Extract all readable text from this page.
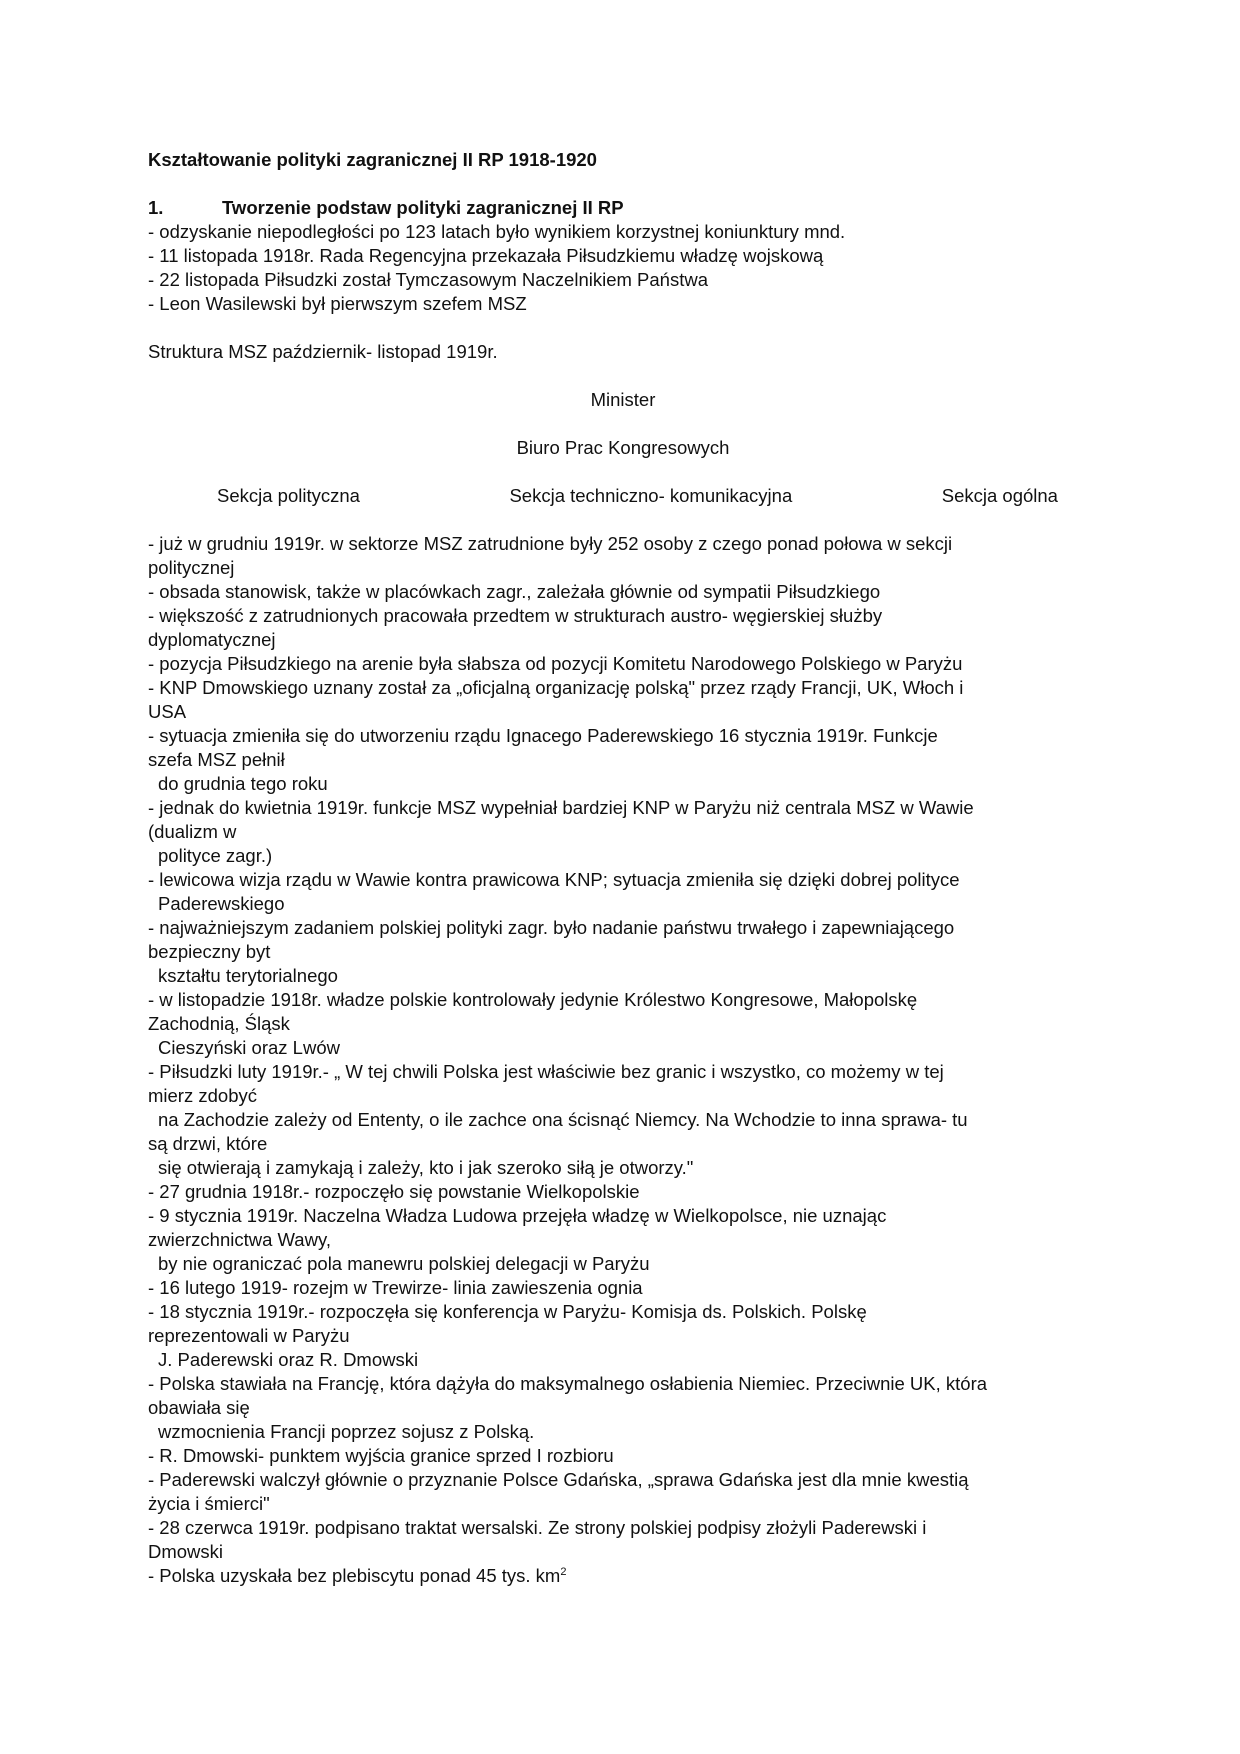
Kształtowanie polityki zagranicznej II RP 1918-1920

1.	Tworzenie podstaw polityki zagranicznej II RP

- odzyskanie niepodległości po 123 latach było wynikiem korzystnej koniunktury mnd.

- 11 listopada 1918r. Rada Regencyjna przekazała Piłsudzkiemu władzę wojskową

- 22 listopada Piłsudzki został Tymczasowym Naczelnikiem Państwa

- Leon Wasilewski był pierwszym szefem MSZ

Struktura MSZ październik- listopad 1919r.

Minister

Biuro Prac Kongresowych

Sekcja polityczna	Sekcja techniczno- komunikacyjna	Sekcja ogólna

- już w grudniu 1919r. w sektorze MSZ zatrudnione były 252 osoby z czego ponad połowa w sekcji

politycznej

- obsada stanowisk, także w placówkach zagr., zależała głównie od sympatii Piłsudzkiego

- większość z zatrudnionych pracowała przedtem w strukturach austro- węgierskiej służby

dyplomatycznej

- pozycja Piłsudzkiego na arenie była słabsza od pozycji Komitetu Narodowego Polskiego w Paryżu

- KNP Dmowskiego uznany został za „oficjalną organizację polską" przez rządy Francji, UK, Włoch i

USA

- sytuacja zmieniła się do utworzeniu rządu Ignacego Paderewskiego 16 stycznia 1919r. Funkcje

szefa MSZ pełnił

do grudnia tego roku

- jednak do kwietnia 1919r. funkcje MSZ wypełniał bardziej KNP w Paryżu niż centrala MSZ w Wawie

(dualizm w

polityce zagr.)

- lewicowa wizja rządu w Wawie kontra prawicowa KNP; sytuacja zmieniła się dzięki dobrej polityce

Paderewskiego

- najważniejszym zadaniem polskiej polityki zagr. było nadanie państwu trwałego i zapewniającego

bezpieczny byt

kształtu terytorialnego

- w listopadzie 1918r. władze polskie kontrolowały jedynie Królestwo Kongresowe, Małopolskę

Zachodnią, Śląsk

Cieszyński oraz Lwów

- Piłsudzki luty 1919r.- „ W tej chwili Polska jest właściwie bez granic i wszystko, co możemy w tej

mierz zdobyć

na Zachodzie zależy od Ententy, o ile zachce ona ścisnąć Niemcy. Na Wchodzie to inna sprawa- tu

są drzwi, które

się otwierają i zamykają i zależy, kto i jak szeroko siłą je otworzy."

- 27 grudnia 1918r.- rozpoczęło się powstanie Wielkopolskie

- 9 stycznia 1919r. Naczelna Władza Ludowa przejęła władzę w Wielkopolsce, nie uznając

zwierzchnictwa Wawy,

by nie ograniczać pola manewru polskiej delegacji w Paryżu

- 16 lutego 1919- rozejm w Trewirze- linia zawieszenia ognia

- 18 stycznia 1919r.- rozpoczęła się konferencja w Paryżu- Komisja ds. Polskich. Polskę

reprezentowali w Paryżu

J. Paderewski oraz R. Dmowski

- Polska stawiała na Francję, która dążyła do maksymalnego osłabienia Niemiec. Przeciwnie UK, która

obawiała się

wzmocnienia Francji poprzez sojusz z Polską.

- R. Dmowski- punktem wyjścia granice sprzed I rozbioru

- Paderewski walczył głównie o przyznanie Polsce Gdańska, „sprawa Gdańska jest dla mnie kwestią

życia i śmierci"

- 28 czerwca 1919r. podpisano traktat wersalski. Ze strony polskiej podpisy złożyli Paderewski i

Dmowski

- Polska uzyskała bez plebiscytu ponad 45 tys. $km^2$
